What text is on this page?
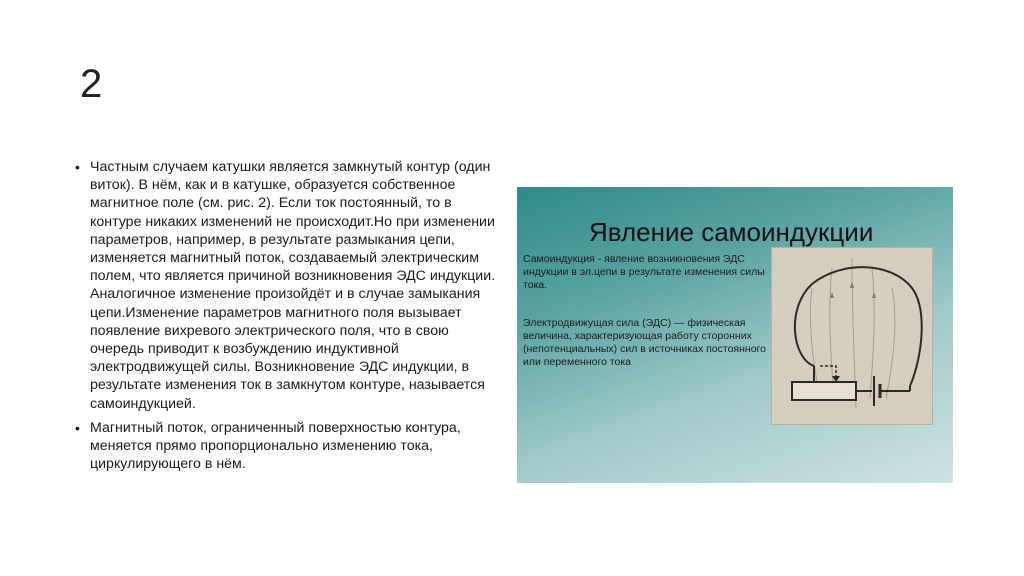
2
• Частным случаем катушки является замкнутый контур (один виток). В нём, как и в катушке, образуется собственное магнитное поле (см. рис. 2). Если ток постоянный, то в контуре никаких изменений не происходит.Но при изменении параметров, например, в результате размыкания цепи, изменяется магнитный поток, создаваемый электрическим полем, что является причиной возникновения ЭДС индукции. Аналогичное изменение произойдёт и в случае замыкания цепи.Изменение параметров магнитного поля вызывает появление вихревого электрического поля, что в свою очередь приводит к возбуждению индуктивной электродвижущей силы. Возникновение ЭДС индукции, в результате изменения ток в замкнутом контуре, называется самоиндукцией.
• Магнитный поток, ограниченный поверхностью контура, меняется прямо пропорционально изменению тока, циркулирующего в нём.
Явление самоиндукции
Самоиндукция - явление возникновения ЭДС индукции в эл.цепи в результате изменения силы тока.
Электродвижущая сила (ЭДС) — физическая величина, характеризующая работу сторонних (непотенциальных) сил в источниках постоянного или переменного тока
